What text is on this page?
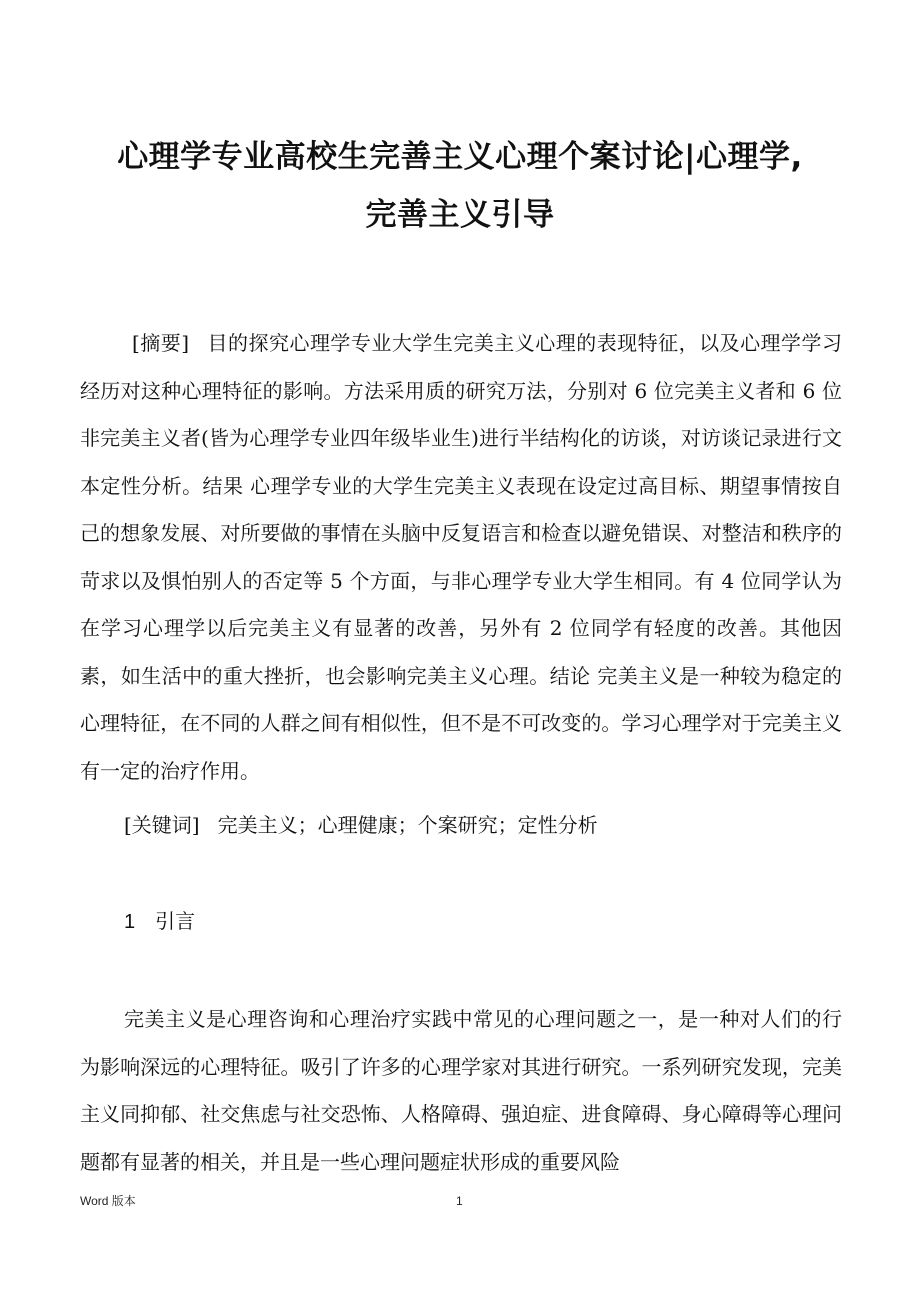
心理学专业高校生完善主义心理个案讨论|心理学,
完善主义引导

[摘要] 目的探究心理学专业大学生完美主义心理的表现特征，以及心理学学习经历对这种心理特征的影响。方法采用质的研究万法，分别对 6 位完美主义者和 6 位非完美主义者(皆为心理学专业四年级毕业生)进行半结构化的访谈，对访谈记录进行文本定性分析。结果 心理学专业的大学生完美主义表现在设定过高目标、期望事情按自己的想象发展、对所要做的事情在头脑中反复语言和检查以避免错误、对整洁和秩序的苛求以及惧怕别人的否定等 5 个方面，与非心理学专业大学生相同。有 4 位同学认为在学习心理学以后完美主义有显著的改善，另外有 2 位同学有轻度的改善。其他因素，如生活中的重大挫折，也会影响完美主义心理。结论 完美主义是一种较为稳定的心理特征，在不同的人群之间有相似性，但不是不可改变的。学习心理学对于完美主义有一定的治疗作用。

[关键词] 完美主义；心理健康；个案研究；定性分析

1 引言

完美主义是心理咨询和心理治疗实践中常见的心理问题之一，是一种对人们的行为影响深远的心理特征。吸引了许多的心理学家对其进行研究。一系列研究发现，完美主义同抑郁、社交焦虑与社交恐怖、人格障碍、强迫症、进食障碍、身心障碍等心理问题都有显著的相关，并且是一些心理问题症状形成的重要风险

Word 版本	1
